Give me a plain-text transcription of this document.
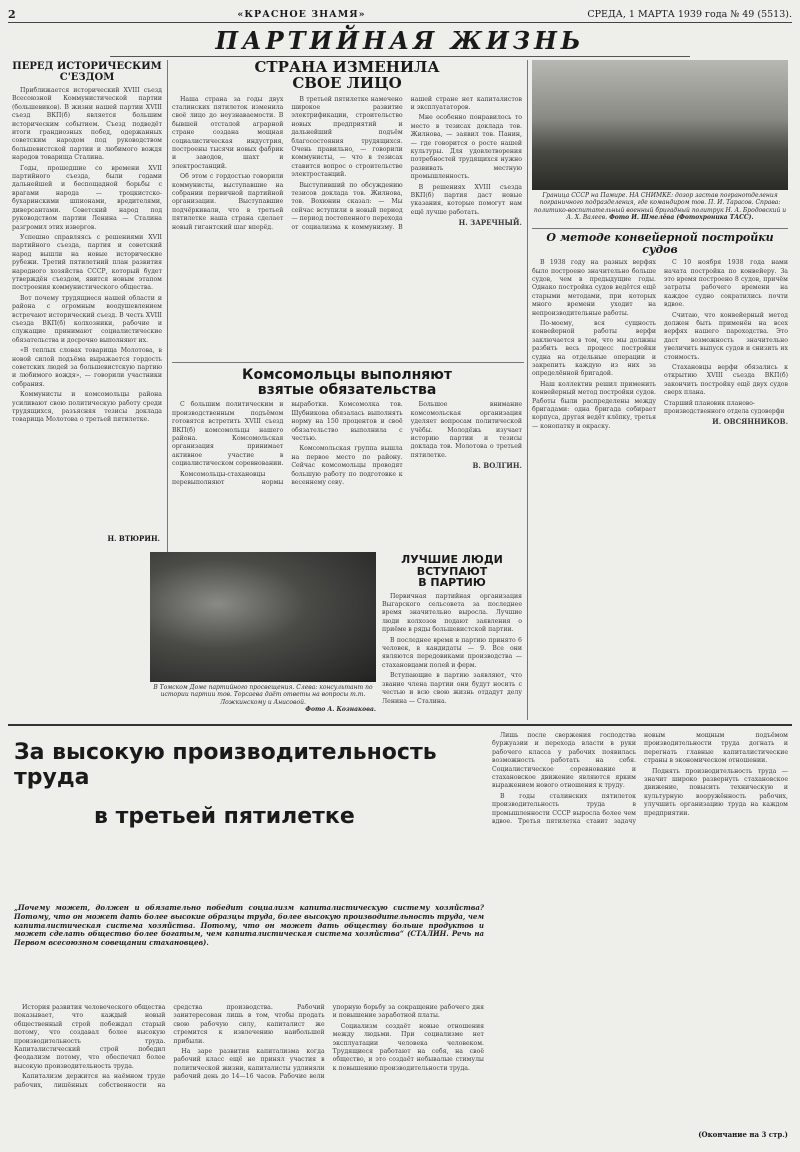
2	«КРАСНОЕ ЗНАМЯ»	СРЕДА, 1 МАРТА 1939 года № 49 (5513).
ПАРТИЙНАЯ ЖИЗНЬ
ПЕРЕД ИСТОРИЧЕСКИМ С'ЕЗДОМ

Приближается исторический XVIII съезд Всесоюзной Коммунистической партии (большевиков). В жизни нашей партии XVIII съезд ВКП(б) является большим историческим событием. Съезд подведёт итоги грандиозных побед, одержанных советским народом под руководством большевистской партии и любимого вождя народов товарища Сталина.

Годы, прошедшие со времени XVII партийного съезда, были годами дальнейшей и беспощадной борьбы с врагами народа — троцкистско-бухаринскими шпионами, вредителями, диверсантами. Советский народ под руководством партии Ленина — Сталина разгромил этих извергов.

Успешно справляясь с решениями XVII партийного съезда, партия и советский народ вышли на новые исторические рубежи. Третий пятилетний план развития народного хозяйства СССР, который будет утверждён съездом, явится новым этапом построения коммунистического общества.

Вот почему трудящиеся нашей области и района с огромным воодушевлением встречают исторический съезд. В честь XVIII съезда ВКП(б) колхозники, рабочие и служащие принимают социалистические обязательства и досрочно выполняют их.

«В теплых словах товарища Молотова, в новой силой подъёма выражается гордость советских людей за большевистскую партию и любимого вождя», — говорили участники собрания.

Коммунисты и комсомольцы района усиливают свою политическую работу среди трудящихся, разъясняя тезисы доклада товарища Молотова о третьей пятилетке.

СТРАНА ИЗМЕНИЛА
СВОЕ ЛИЦО

Наша страна за годы двух сталинских пятилеток изменила своё лицо до неузнаваемости. В бывшей отсталой аграрной стране создана мощная социалистическая индустрия, построены тысячи новых фабрик и заводов, шахт и электростанций.

Об этом с гордостью говорили коммунисты, выступавшие на собрании первичной партийной организации. Выступавшие подчёркивали, что в третьей пятилетке наша страна сделает новый гигантский шаг вперёд.

В третьей пятилетке намечено широкое развитие электрификации, строительство новых предприятий и дальнейший подъём благосостояния трудящихся. Очень правильно, — говорили коммунисты, — что в тезисах ставится вопрос о строительстве электростанций.

Выступивший по обсуждению тезисов доклада тов. Жилнова, тов. Вохюнин сказал: — Мы сейчас вступили в новый период — период постепенного перехода от социализма к коммунизму. В нашей стране нет капиталистов и эксплуататоров.

Мне особенно понравилось то место в тезисах доклада тов. Жилнова, — заявил тов. Панин, — где говорится о росте нашей культуры. Для удовлетворения потребностей трудящихся нужно развивать местную промышленность.

В решениях XVIII съезда ВКП(б) партия даст новые указания, которые помогут нам ещё лучше работать.

Н. ЗАРЕЧНЫЙ.
Комсомольцы выполняют
взятые обязательства

С большим политическим и производственным подъёмом готовятся встретить XVIII съезд ВКП(б) комсомольцы нашего района. Комсомольская организация принимает активное участие в социалистическом соревновании.

Комсомольцы-стахановцы перевыполняют нормы выработки. Комсомолка тов. Шубникова обязалась выполнять норму на 150 процентов и своё обязательство выполнила с честью.

Комсомольская группа вышла на первое место по району. Сейчас комсомольцы проводят большую работу по подготовке к весеннему севу.

Большое внимание комсомольская организация уделяет вопросам политической учёбы. Молодёжь изучает историю партии и тезисы доклада тов. Молотова о третьей пятилетке.

В. ВОЛГИН.
В Томском Доме партийного просвещения. Слева: консультант по истории партии тов. Торсаева даёт ответы на вопросы т.т. Ложкинскому и Анисовой.
Фото А. Кознакова.
Н. ВТЮРИН.
ЛУЧШИЕ ЛЮДИ
ВСТУПАЮТ
В ПАРТИЮ

Первичная партийная организация Выгарского сельсовета за последнее время значительно выросла. Лучшие люди колхозов подают заявления о приёме в ряды большевистской партии.

В последнее время в партию принято 6 человек, в кандидаты — 9. Все они являются передовиками производства — стахановцами полей и ферм.

Вступающие в партию заявляют, что звание члена партии они будут носить с честью и всю свою жизнь отдадут делу Ленина — Сталина.

Граница СССР на Памире. НА СНИМКЕ: дозор застав погранотделения пограничного подразделения, где командиром тов. П. И. Тарасов. Справа: политико-воспитательный военный бригадный политрук Н. А. Бродовский и А. Х. Валеев. Фото И. Шмелёва (Фотохроника ТАСС).
О методе конвейерной постройки судов

В 1938 году на разных верфях было построено значительно больше судов, чем в предыдущие годы. Однако постройка судов ведётся ещё старыми методами, при которых много времени уходит на непроизводительные работы.

По-моему, вся сущность конвейерной работы верфи заключается в том, что мы должны разбить весь процесс постройки судна на отдельные операции и закрепить каждую из них за определённой бригадой.

Наш коллектив решил применить конвейерный метод постройки судов. Работы были распределены между бригадами: одна бригада собирает корпуса, другая ведёт клёпку, третья — конопатку и окраску.

С 10 ноября 1938 года нами начата постройка по конвейеру. За это время построено 8 судов, причём затраты рабочего времени на каждое судно сократились почти вдвое.

Считаю, что конвейерный метод должен быть применён на всех верфях нашего пароходства. Это даст возможность значительно увеличить выпуск судов и снизить их стоимость.

Стахановцы верфи обязались к открытию XVIII съезда ВКП(б) закончить постройку ещё двух судов сверх плана.

Старший плановик планово-производственного отдела судоверфи
И. ОВСЯННИКОВ.
За высокую производительность труда
в третьей пятилетке
„Почему может, должен и обязательно победит социализм капиталистическую систему хозяйства? Потому, что он может дать более высокие образцы труда, более высокую производительность труда, чем капиталистическая система хозяйства. Потому, что он может дать обществу больше продуктов и может сделать общество более богатым, чем капиталистическая система хозяйства“ (СТАЛИН. Речь на Первом всесоюзном совещании стахановцев).

История развития человеческого общества показывает, что каждый новый общественный строй побеждал старый потому, что создавал более высокую производительность труда. Капиталистический строй победил феодализм потому, что обеспечил более высокую производительность труда.

Капитализм держится на наёмном труде рабочих, лишённых собственности на средства производства. Рабочий заинтересован лишь в том, чтобы продать свою рабочую силу, капиталист же стремится к извлечению наибольшей прибыли.

На заре развития капитализма когда рабочий класс ещё не принял участия в политической жизни, капиталисты удлиняли рабочий день до 14—16 часов. Рабочие вели упорную борьбу за сокращение рабочего дня и повышение заработной платы.

Социализм создаёт новые отношения между людьми. При социализме нет эксплуатации человека человеком. Трудящиеся работают на себя, на своё общество, и это создаёт небывалые стимулы к повышению производительности труда.

Лишь после свержения господства буржуазии и перехода власти в руки рабочего класса у рабочих появилась возможность работать на себя. Социалистическое соревнование и стахановское движение являются ярким выражением нового отношения к труду.

В годы сталинских пятилеток производительность труда в промышленности СССР выросла более чем вдвое. Третья пятилетка ставит задачу новым мощным подъёмом производительности труда догнать и перегнать главные капиталистические страны в экономическом отношении.

Поднять производительность труда — значит широко развернуть стахановское движение, повысить техническую и культурную вооружённость рабочих, улучшить организацию труда на каждом предприятии.

(Окончание на 3 стр.)
